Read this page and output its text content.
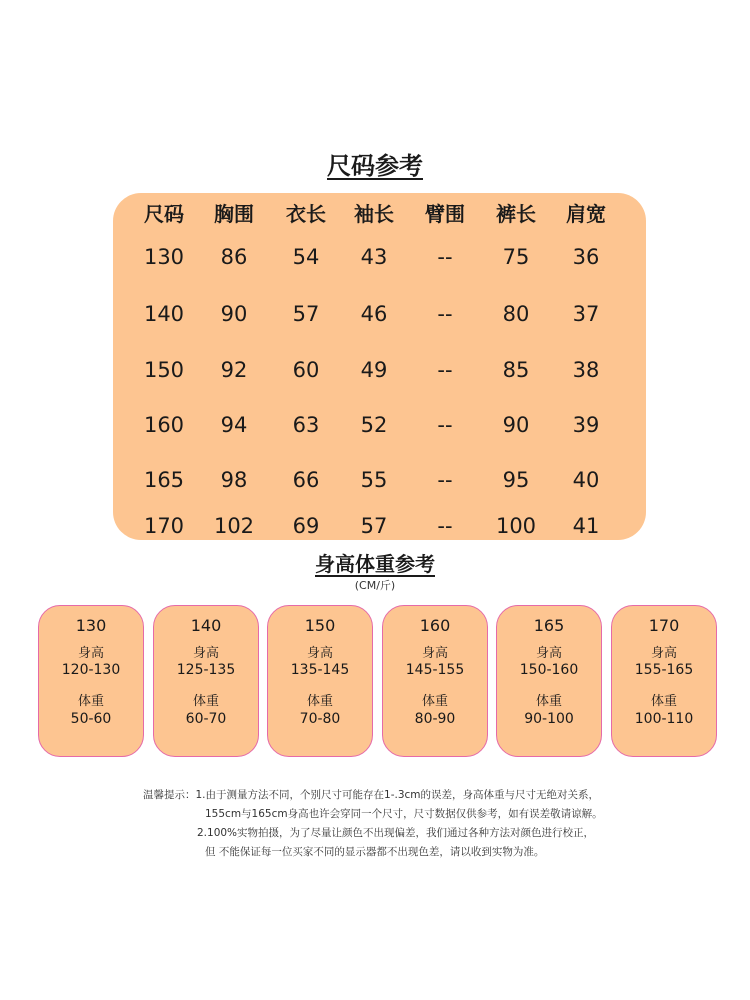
尺码参考
尺码	胸围	衣长	袖长	臂围	裤长	肩宽
130	86	54	43	--	75	36
140	90	57	46	--	80	37
150	92	60	49	--	85	38
160	94	63	52	--	90	39
165	98	66	55	--	95	40
170	102	69	57	--	100	41
身高体重参考
(CM/斤)
130
身高
120-130
体重
50-60
140
身高
125-135
体重
60-70
150
身高
135-145
体重
70-80
160
身高
145-155
体重
80-90
165
身高
150-160
体重
90-100
170
身高
155-165
体重
100-110
温馨提示：1.由于测量方法不同，个别尺寸可能存在1-.3cm的误差，身高体重与尺寸无绝对关系，
155cm与165cm身高也许会穿同一个尺寸，尺寸数据仅供参考，如有误差敬请谅解。
2.100%实物拍摄，为了尽量让颜色不出现偏差，我们通过各种方法对颜色进行校正，
但 不能保证每一位买家不同的显示器都不出现色差，请以收到实物为准。
